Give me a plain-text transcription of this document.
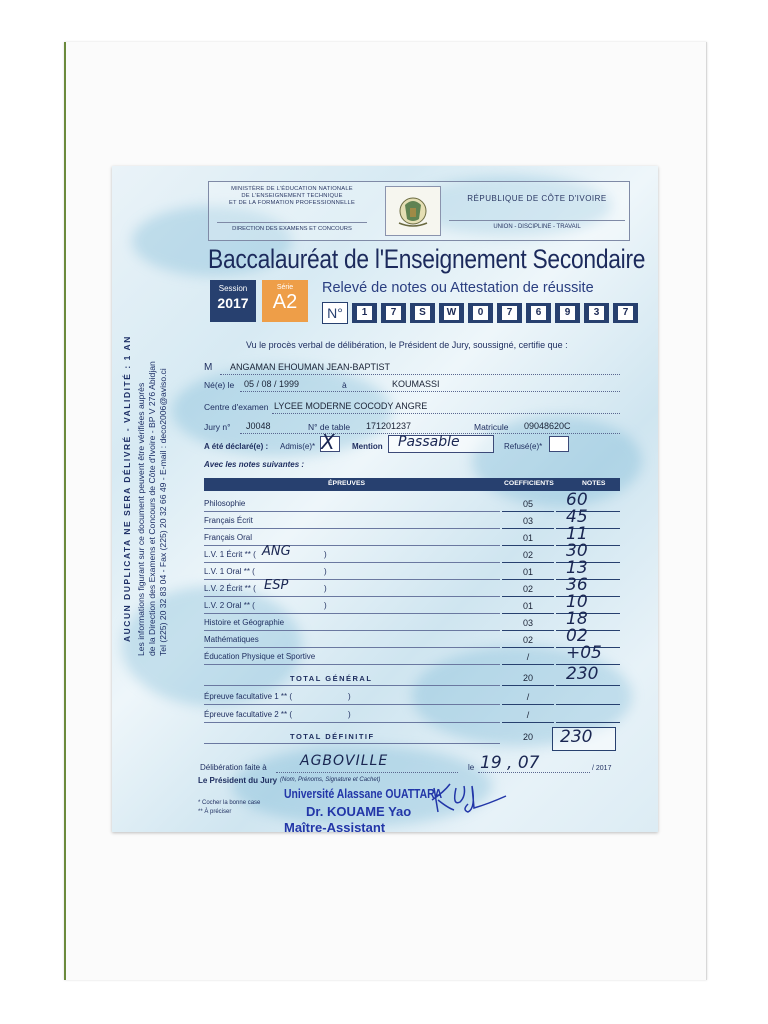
AUCUN DUPLICATA NE SERA DÉLIVRÉ - VALIDITÉ : 1 AN Les informations figurant sur ce document peuvent être vérifiées auprès de la Direction des Examens et Concours de Côte d'Ivoire - BP V 276 Abidjan Tel (225) 20 32 83 04 - Fax (225) 20 32 66 49 - E-mail : deco2006@aviso.ci
MINISTÈRE DE L'ÉDUCATION NATIONALE
DE L'ENSEIGNEMENT TECHNIQUE
ET DE LA FORMATION PROFESSIONNELLE
DIRECTION DES EXAMENS ET CONCOURS
RÉPUBLIQUE DE CÔTE D'IVOIRE
UNION - DISCIPLINE - TRAVAIL
Baccalauréat de l'Enseignement Secondaire
Session
2017
Série
A2
Relevé de notes ou Attestation de réussite
N°	1	7	S	W	0	7	6	9	3	7
Vu le procès verbal de délibération, le Président de Jury, soussigné, certifie que :
M ANGAMAN EHOUMAN JEAN-BAPTIST
Né(e) le 05 / 08 / 1999	à	KOUMASSI
Centre d'examen LYCEE MODERNE COCODY ANGRE
Jury n° J0048	N° de table 171201237	Matricule 09048620C
A été déclaré(e) : Admis(e)* X Mention Passable	Refusé(e)*
Avec les notes suivantes :
ÉPREUVES	COEFFICIENTS	NOTES
Philosophie	05	60
Français Écrit	03	45
Français Oral	01	11
L.V. 1 Écrit ** ( ANG	)	02	30
L.V. 1 Oral ** (	)	01	13
L.V. 2 Écrit ** ( ESP	)	02	36
L.V. 2 Oral ** (	)	01	10
Histoire et Géographie	03	18
Mathématiques	02	02
Éducation Physique et Sportive	/	+05
TOTAL GÉNÉRAL	20	230
Épreuve facultative 1 ** (	)	/
Épreuve facultative 2 ** (	)	/
TOTAL DÉFINITIF	20	230
Délibération faite à AGBOVILLE	le 19 , 07	/ 2017
Le Président du Jury (Nom, Prénoms, Signature et Cachet)
* Cocher la bonne case
** À préciser
Université Alassane OUATTARA
Dr. KOUAME Yao
Maître-Assistant
